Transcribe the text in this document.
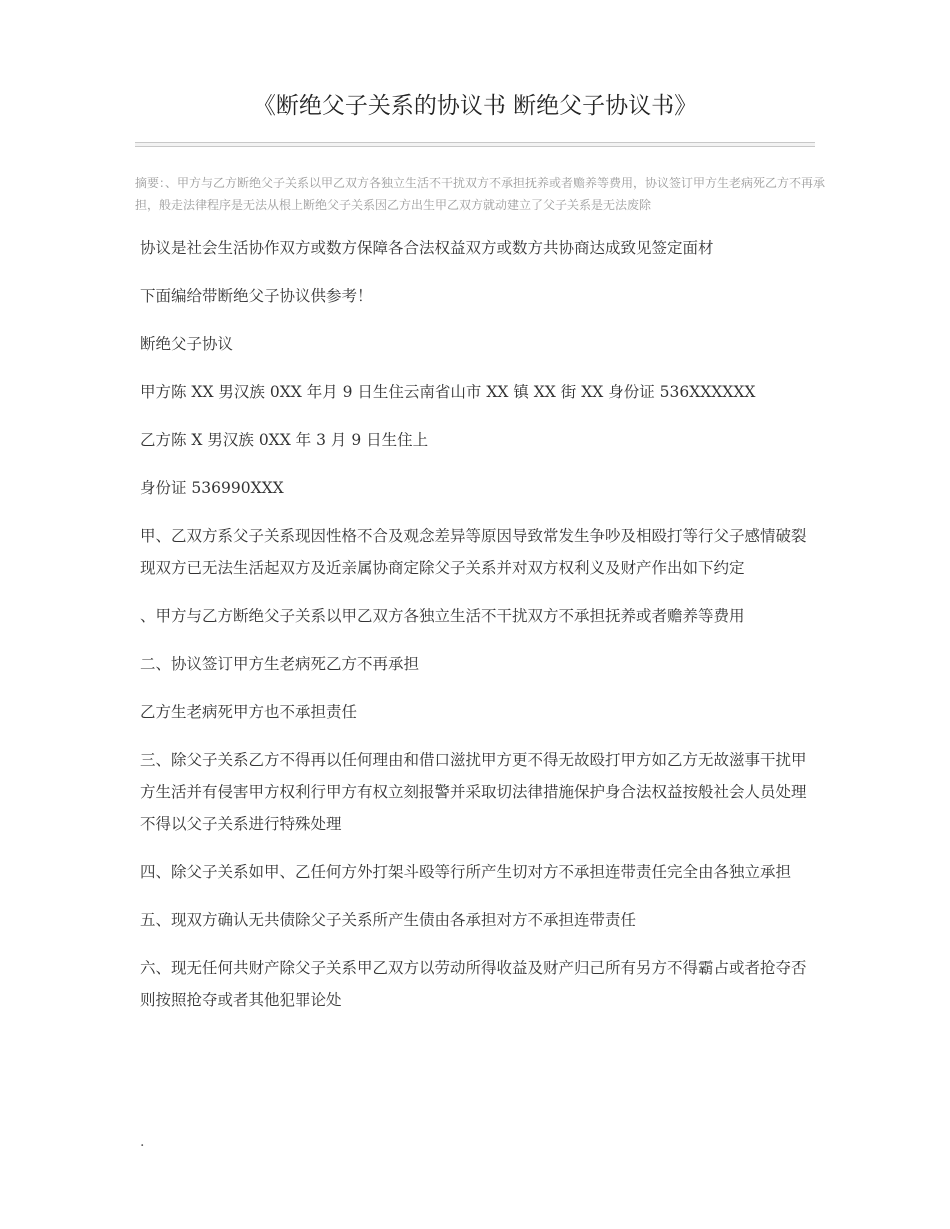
《断绝父子关系的协议书 断绝父子协议书》

摘要：、甲方与乙方断绝父子关系以甲乙双方各独立生活不干扰双方不承担抚养或者赡养等费用，协议签订甲方生老病死乙方不再承担，般走法律程序是无法从根上断绝父子关系因乙方出生甲乙双方就动建立了父子关系是无法废除

协议是社会生活协作双方或数方保障各合法权益双方或数方共协商达成致见签定面材

下面编给带断绝父子协议供参考！

断绝父子协议

甲方陈 XX 男汉族 0XX 年月 9 日生住云南省山市 XX 镇 XX 街 XX 身份证 536XXXXXX

乙方陈 X 男汉族 0XX 年 3 月 9 日生住上

身份证 536990XXX

甲、乙双方系父子关系现因性格不合及观念差异等原因导致常发生争吵及相殴打等行父子感情破裂现双方已无法生活起双方及近亲属协商定除父子关系并对双方权利义及财产作出如下约定

、甲方与乙方断绝父子关系以甲乙双方各独立生活不干扰双方不承担抚养或者赡养等费用

二、协议签订甲方生老病死乙方不再承担

乙方生老病死甲方也不承担责任

三、除父子关系乙方不得再以任何理由和借口滋扰甲方更不得无故殴打甲方如乙方无故滋事干扰甲方生活并有侵害甲方权利行甲方有权立刻报警并采取切法律措施保护身合法权益按般社会人员处理不得以父子关系进行特殊处理

四、除父子关系如甲、乙任何方外打架斗殴等行所产生切对方不承担连带责任完全由各独立承担

五、现双方确认无共债除父子关系所产生债由各承担对方不承担连带责任

六、现无任何共财产除父子关系甲乙双方以劳动所得收益及财产归己所有另方不得霸占或者抢夺否则按照抢夺或者其他犯罪论处

.
